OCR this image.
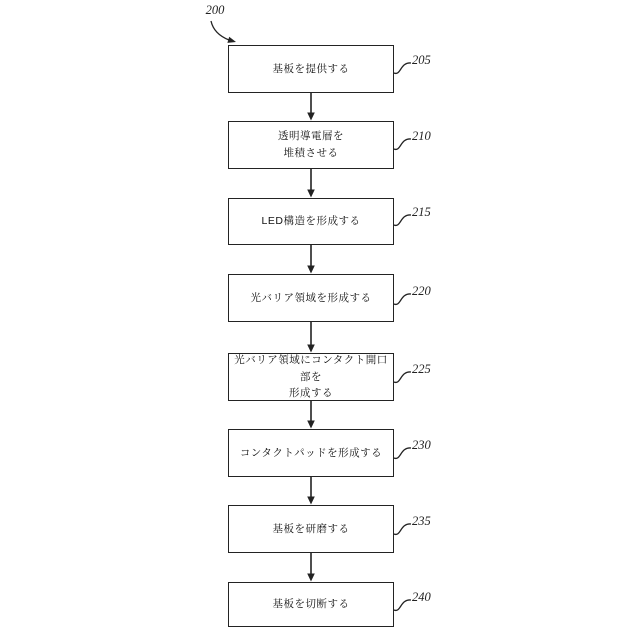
200
基板を提供する
透明導電層を
堆積させる
LED構造を形成する
光バリア領域を形成する
光バリア領域にコンタクト開口部を
形成する
コンタクトパッドを形成する
基板を研磨する
基板を切断する
205
210
215
220
225
230
235
240
